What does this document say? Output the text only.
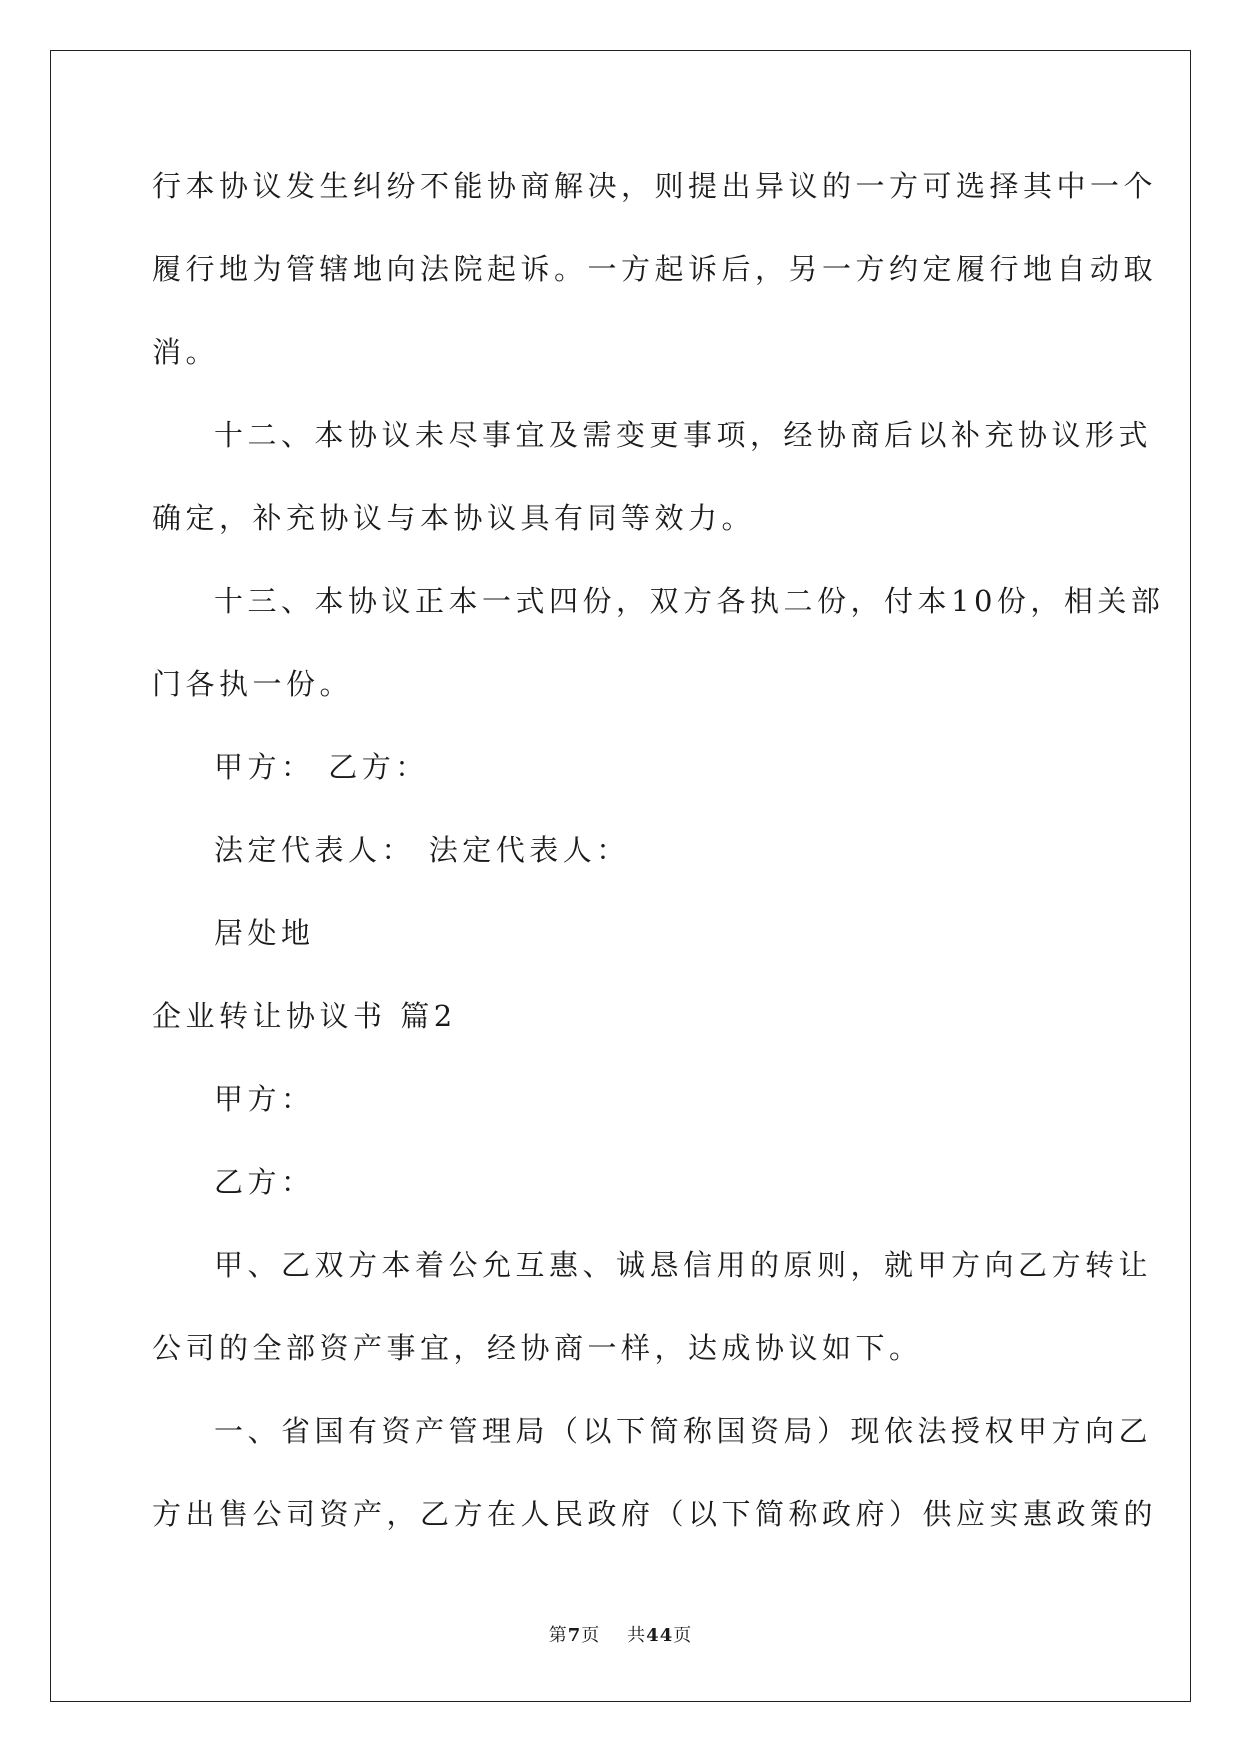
行本协议发生纠纷不能协商解决，则提出异议的一方可选择其中一个
履行地为管辖地向法院起诉。一方起诉后，另一方约定履行地自动取
消。
十二、本协议未尽事宜及需变更事项，经协商后以补充协议形式
确定，补充协议与本协议具有同等效力。
十三、本协议正本一式四份，双方各执二份，付本10份，相关部
门各执一份。
甲方： 乙方：
法定代表人： 法定代表人：
居处地
企业转让协议书 篇2
甲方：
乙方：
甲、乙双方本着公允互惠、诚恳信用的原则，就甲方向乙方转让
公司的全部资产事宜，经协商一样，达成协议如下。
一、省国有资产管理局（以下简称国资局）现依法授权甲方向乙
方出售公司资产，乙方在人民政府（以下简称政府）供应实惠政策的
第7页    共44页
